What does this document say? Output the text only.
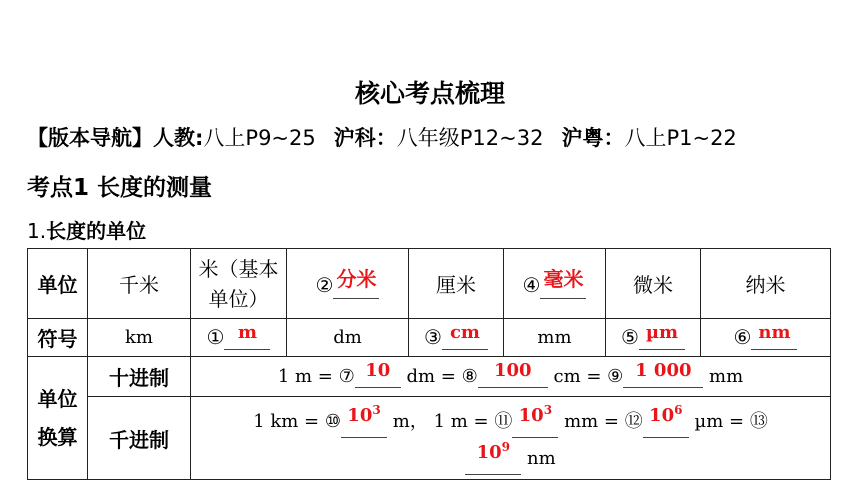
核心考点梳理
【版本导航】人教:八上P9~25 沪科：八年级P12~32 沪粤：八上P1~22
考点1 长度的测量
1.长度的单位
单位	千米	米（基本单位）	② 分米	厘米	④ 毫米	微米	纳米
符号	km	① m	dm	③ cm	mm	⑤ µm	⑥ nm
单位
换算	十进制	1 m = ⑦ 10 dm = ⑧ 100 cm = ⑨ 1 000 mm					
	千进制	1 km = ⑩ $10^3$ m， 1 m = ⑪ $10^3$ mm = ⑫ $10^6$ µm = ⑬
$10^9$ nm					
